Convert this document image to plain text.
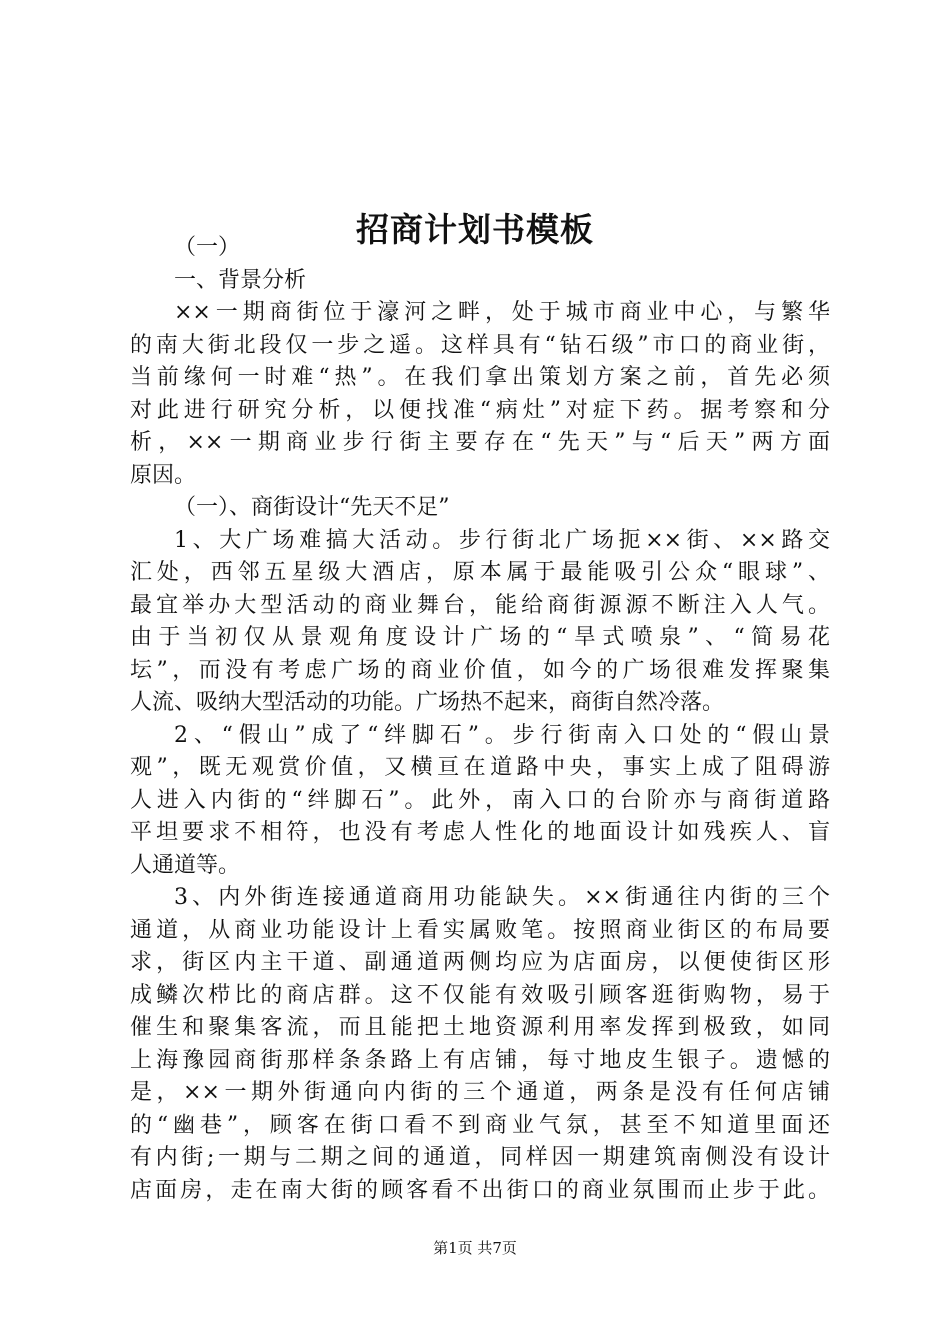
招商计划书模板
（一）
一、背景分析
××一期商街位于濠河之畔，处于城市商业中心，与繁华
的南大街北段仅一步之遥。这样具有“钻石级”市口的商业街，
当前缘何一时难“热”。在我们拿出策划方案之前，首先必须
对此进行研究分析，以便找准“病灶”对症下药。据考察和分
析，××一期商业步行街主要存在“先天”与“后天”两方面
原因。
（一）、商街设计“先天不足”
1、大广场难搞大活动。步行街北广场扼××街、××路交
汇处，西邻五星级大酒店，原本属于最能吸引公众“眼球”、
最宜举办大型活动的商业舞台，能给商街源源不断注入人气。
由于当初仅从景观角度设计广场的“旱式喷泉”、“简易花
坛”，而没有考虑广场的商业价值，如今的广场很难发挥聚集
人流、吸纳大型活动的功能。广场热不起来，商街自然冷落。
2、“假山”成了“绊脚石”。步行街南入口处的“假山景
观”，既无观赏价值，又横亘在道路中央，事实上成了阻碍游
人进入内街的“绊脚石”。此外，南入口的台阶亦与商街道路
平坦要求不相符，也没有考虑人性化的地面设计如残疾人、盲
人通道等。
3、内外街连接通道商用功能缺失。××街通往内街的三个
通道，从商业功能设计上看实属败笔。按照商业街区的布局要
求，街区内主干道、副通道两侧均应为店面房，以便使街区形
成鳞次栉比的商店群。这不仅能有效吸引顾客逛街购物，易于
催生和聚集客流，而且能把土地资源利用率发挥到极致，如同
上海豫园商街那样条条路上有店铺，每寸地皮生银子。遗憾的
是，××一期外街通向内街的三个通道，两条是没有任何店铺
的“幽巷”，顾客在街口看不到商业气氛，甚至不知道里面还
有内街;一期与二期之间的通道，同样因一期建筑南侧没有设计
店面房，走在南大街的顾客看不出街口的商业氛围而止步于此。
第1页 共7页
